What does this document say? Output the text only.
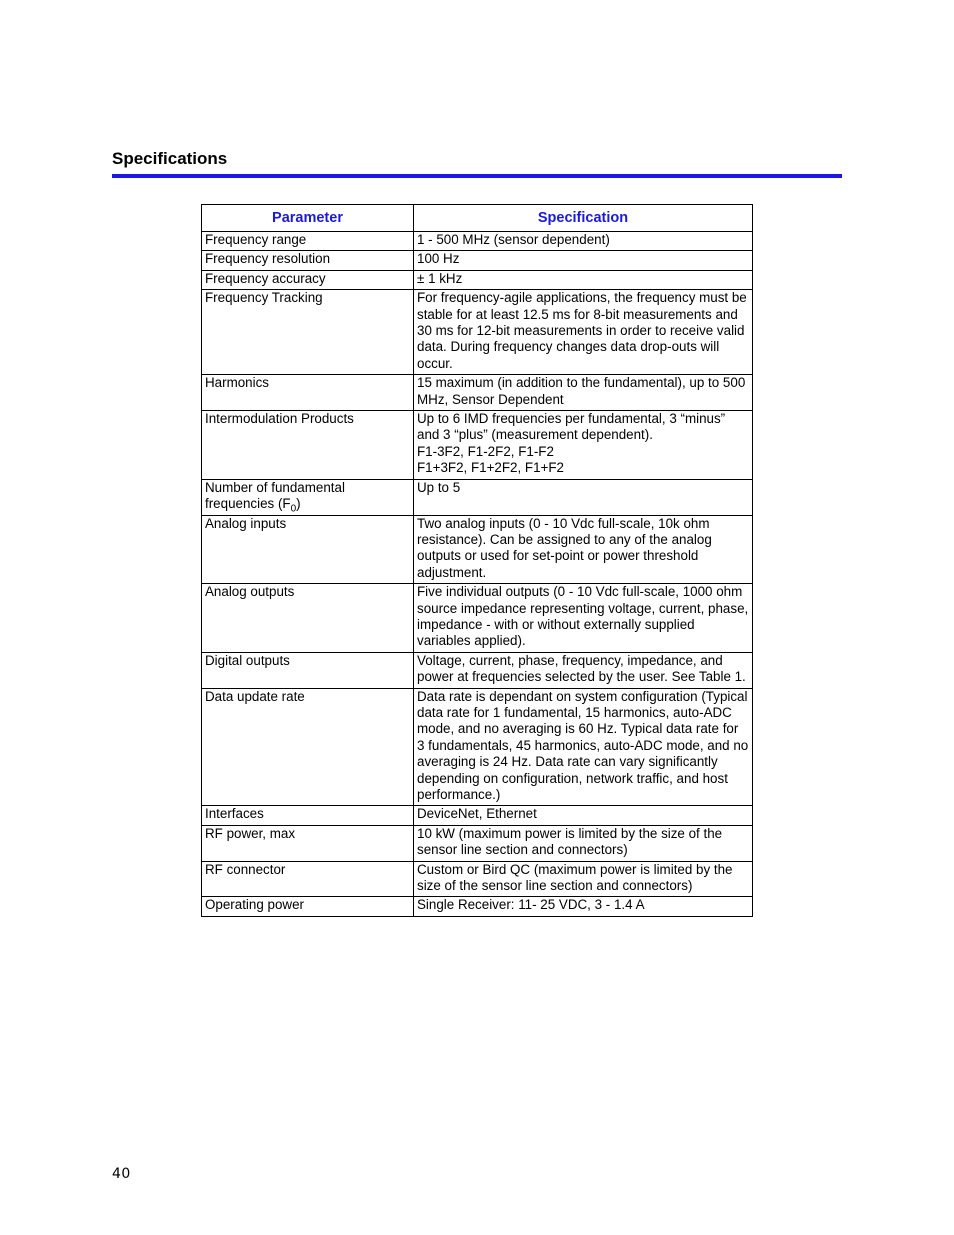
Specifications
Parameter	Specification
Frequency range	1 - 500 MHz (sensor dependent)
Frequency resolution	100 Hz
Frequency accuracy	± 1 kHz
Frequency Tracking	For frequency-agile applications, the frequency must be stable for at least 12.5 ms for 8-bit measurements and 30 ms for 12-bit measurements in order to receive valid data. During frequency changes data drop-outs will occur.
Harmonics	15 maximum (in addition to the fundamental), up to 500 MHz, Sensor Dependent
Intermodulation Products	Up to 6 IMD frequencies per fundamental, 3 “minus” and 3 “plus” (measurement dependent).
F1-3F2, F1-2F2, F1-F2
F1+3F2, F1+2F2, F1+F2

Number of fundamental frequencies $(F_0)$	Up to 5
Analog inputs	Two analog inputs (0 - 10 Vdc full-scale, 10k ohm resistance). Can be assigned to any of the analog outputs or used for set-point or power threshold adjustment.
Analog outputs	Five individual outputs (0 - 10 Vdc full-scale, 1000 ohm source impedance representing voltage, current, phase, impedance - with or without externally supplied variables applied).
Digital outputs	Voltage, current, phase, frequency, impedance, and power at frequencies selected by the user. See Table 1.
Data update rate	Data rate is dependant on system configuration (Typical data rate for 1 fundamental, 15 harmonics, auto-ADC mode, and no averaging is 60 Hz. Typical data rate for 3 fundamentals, 45 harmonics, auto-ADC mode, and no averaging is 24 Hz. Data rate can vary significantly depending on configuration, network traffic, and host performance.)
Interfaces	DeviceNet, Ethernet
RF power, max	10 kW (maximum power is limited by the size of the sensor line section and connectors)
RF connector	Custom or Bird QC (maximum power is limited by the size of the sensor line section and connectors)
Operating power	Single Receiver: 11- 25 VDC, 3 - 1.4 A
40
